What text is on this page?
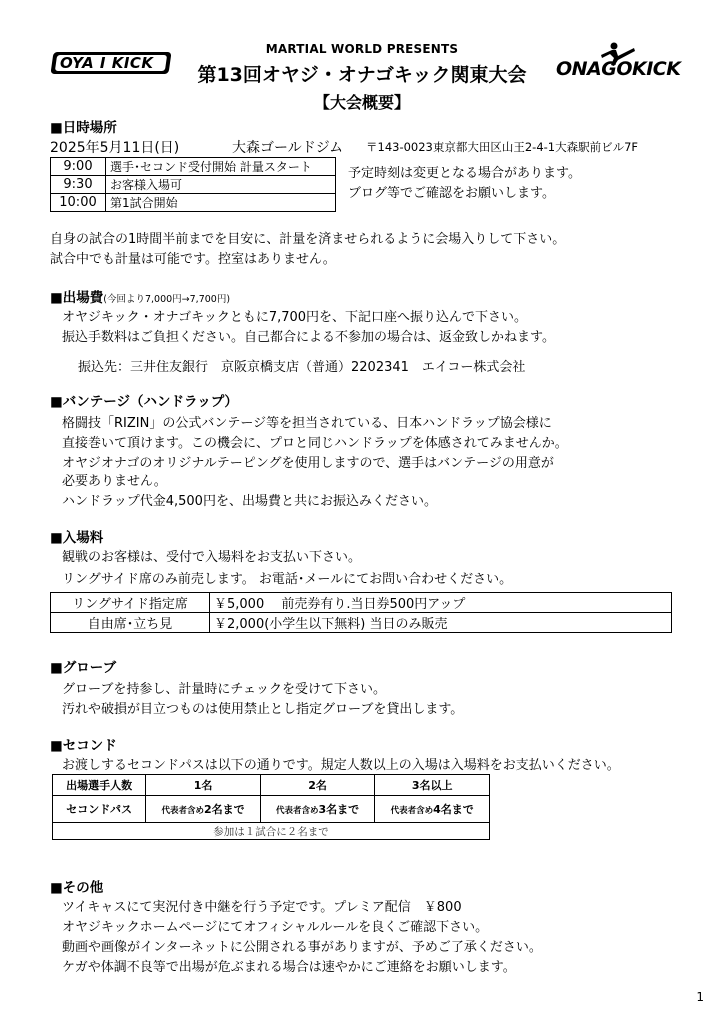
OYA I KICK
MARTIAL WORLD PRESENTS
第13回オヤジ・オナゴキック関東大会
【大会概要】
ONAGOKICK
■日時場所
2025年5月11日(日)	大森ゴールドジム 〒143-0023東京都大田区山王2-4-1大森駅前ビル7F
9:00	選手･セコンド受付開始 計量スタート
9:30	お客様入場可
10:00	第1試合開始
予定時刻は変更となる場合があります。
ブログ等でご確認をお願いします。
自身の試合の1時間半前までを目安に、計量を済ませられるように会場入りして下さい。
試合中でも計量は可能です。控室はありません。
■出場費(今回より7,000円→7,700円)
オヤジキック・オナゴキックともに7,700円を、下記口座へ振り込んで下さい。
振込手数料はご負担ください。自己都合による不参加の場合は、返金致しかねます。
振込先：三井住友銀行　京阪京橋支店（普通）2202341　エイコー株式会社
■バンテージ（ハンドラップ）
格闘技「RIZIN」の公式バンテージ等を担当されている、日本ハンドラップ協会様に
直接巻いて頂けます。この機会に、プロと同じハンドラップを体感されてみませんか。
オヤジオナゴのオリジナルテーピングを使用しますので、選手はバンテージの用意が
必要ありません。
ハンドラップ代金4,500円を、出場費と共にお振込みください。
■入場料
観戦のお客様は、受付で入場料をお支払い下さい。
リングサイド席のみ前売します。 お電話･メールにてお問い合わせください。
リングサイド指定席	￥5,000　 前売券有り.当日券500円アップ
自由席･立ち見	￥2,000(小学生以下無料) 当日のみ販売
■グローブ
グローブを持参し、計量時にチェックを受けて下さい。
汚れや破損が目立つものは使用禁止とし指定グローブを貸出します。
■セコンド
お渡しするセコンドパスは以下の通りです。規定人数以上の入場は入場料をお支払いください。
出場選手人数	1名	2名	3名以上
セコンドパス	代表者含め2名まで	代表者含め3名まで	代表者含め4名まで
参加は１試合に２名まで			
■その他
ツイキャスにて実況付き中継を行う予定です。プレミア配信　￥800
オヤジキックホームページにてオフィシャルルールを良くご確認下さい。
動画や画像がインターネットに公開される事がありますが、予めご了承ください。
ケガや体調不良等で出場が危ぶまれる場合は速やかにご連絡をお願いします。
1
